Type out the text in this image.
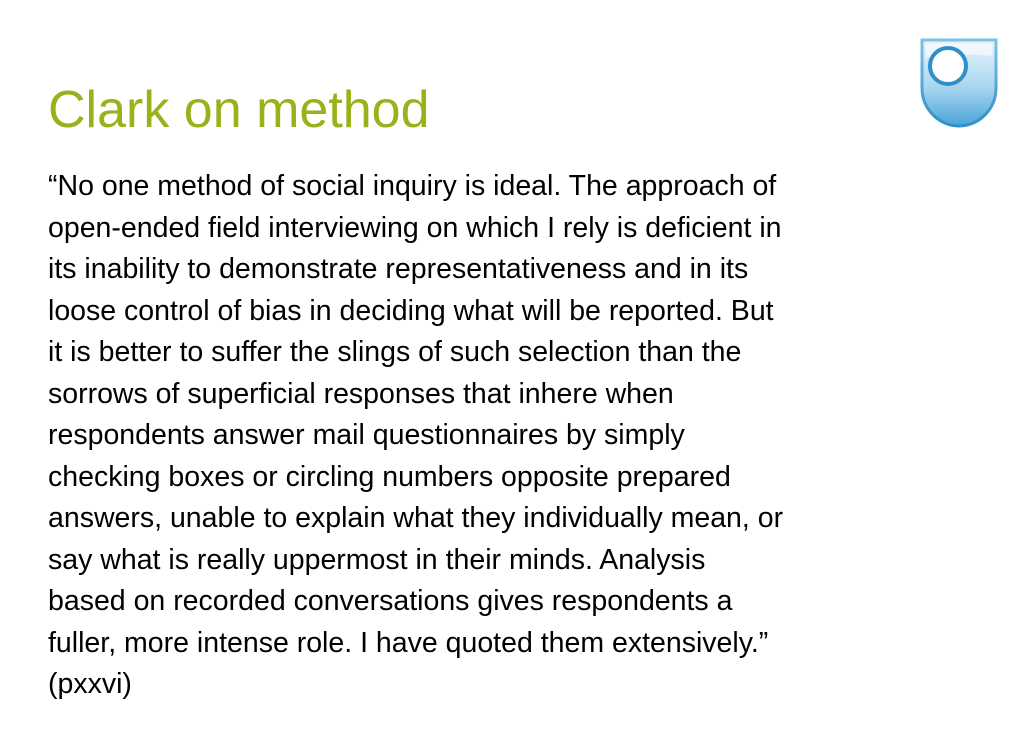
Clark on method
“No one method of social inquiry is ideal. The approach of
open-ended field interviewing on which I rely is deficient in
its inability to demonstrate representativeness and in its
loose control of bias in deciding what will be reported. But
it is better to suffer the slings of such selection than the
sorrows of superficial responses that inhere when
respondents answer mail questionnaires by simply
checking boxes or circling numbers opposite prepared
answers, unable to explain what they individually mean, or
say what is really uppermost in their minds. Analysis
based on recorded conversations gives respondents a
fuller, more intense role. I have quoted them extensively.”
(pxxvi)
